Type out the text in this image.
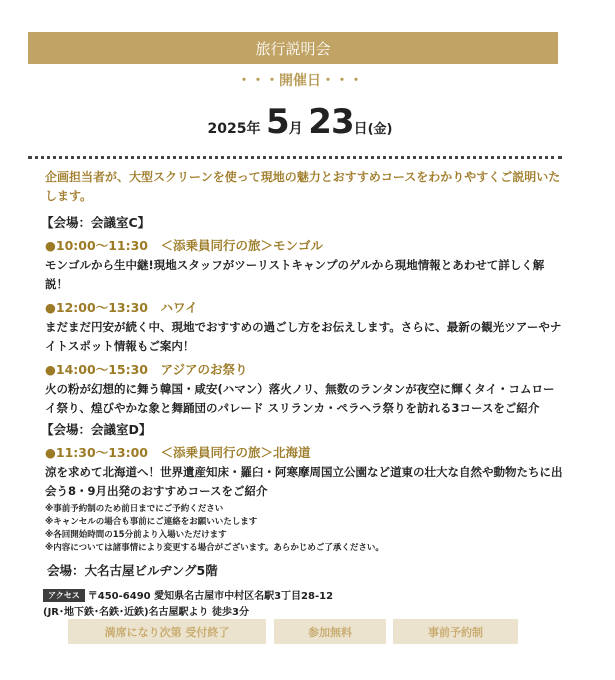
旅行説明会
・・・開催日・・・
2025年 5月 23日(金)

企画担当者が、大型スクリーンを使って現地の魅力とおすすめコースをわかりやすくご説明いたします。

【会場：会議室C】
●10:00～11:30　＜添乗員同行の旅＞モンゴル
モンゴルから生中継!現地スタッフがツーリストキャンプのゲルから現地情報とあわせて詳しく解説！
●12:00～13:30　ハワイ
まだまだ円安が続く中、現地でおすすめの過ごし方をお伝えします。さらに、最新の観光ツアーやナイトスポット情報もご案内！
●14:00～15:30　アジアのお祭り
火の粉が幻想的に舞う韓国・咸安(ハマン）落火ノリ、無数のランタンが夜空に輝くタイ・コムローイ祭り、煌びやかな象と舞踊団のパレード スリランカ・ペラヘラ祭りを訪れる3コースをご紹介
【会場：会議室D】
●11:30～13:00　＜添乗員同行の旅＞北海道
涼を求めて北海道へ！世界遺産知床・羅臼・阿寒摩周国立公園など道東の壮大な自然や動物たちに出会う8・9月出発のおすすめコースをご紹介
※事前予約制のため前日までにご予約ください
※キャンセルの場合も事前にご連絡をお願いいたします
※各回開始時間の15分前より入場いただけます
※内容については諸事情により変更する場合がございます。あらかじめご了承ください。
会場：大名古屋ビルヂング5階
アクセス 〒450-6490 愛知県名古屋市中村区名駅3丁目28-12
(JR･地下鉄･名鉄･近鉄)名古屋駅より 徒歩3分
満席になり次第 受付終了	参加無料	事前予約制
